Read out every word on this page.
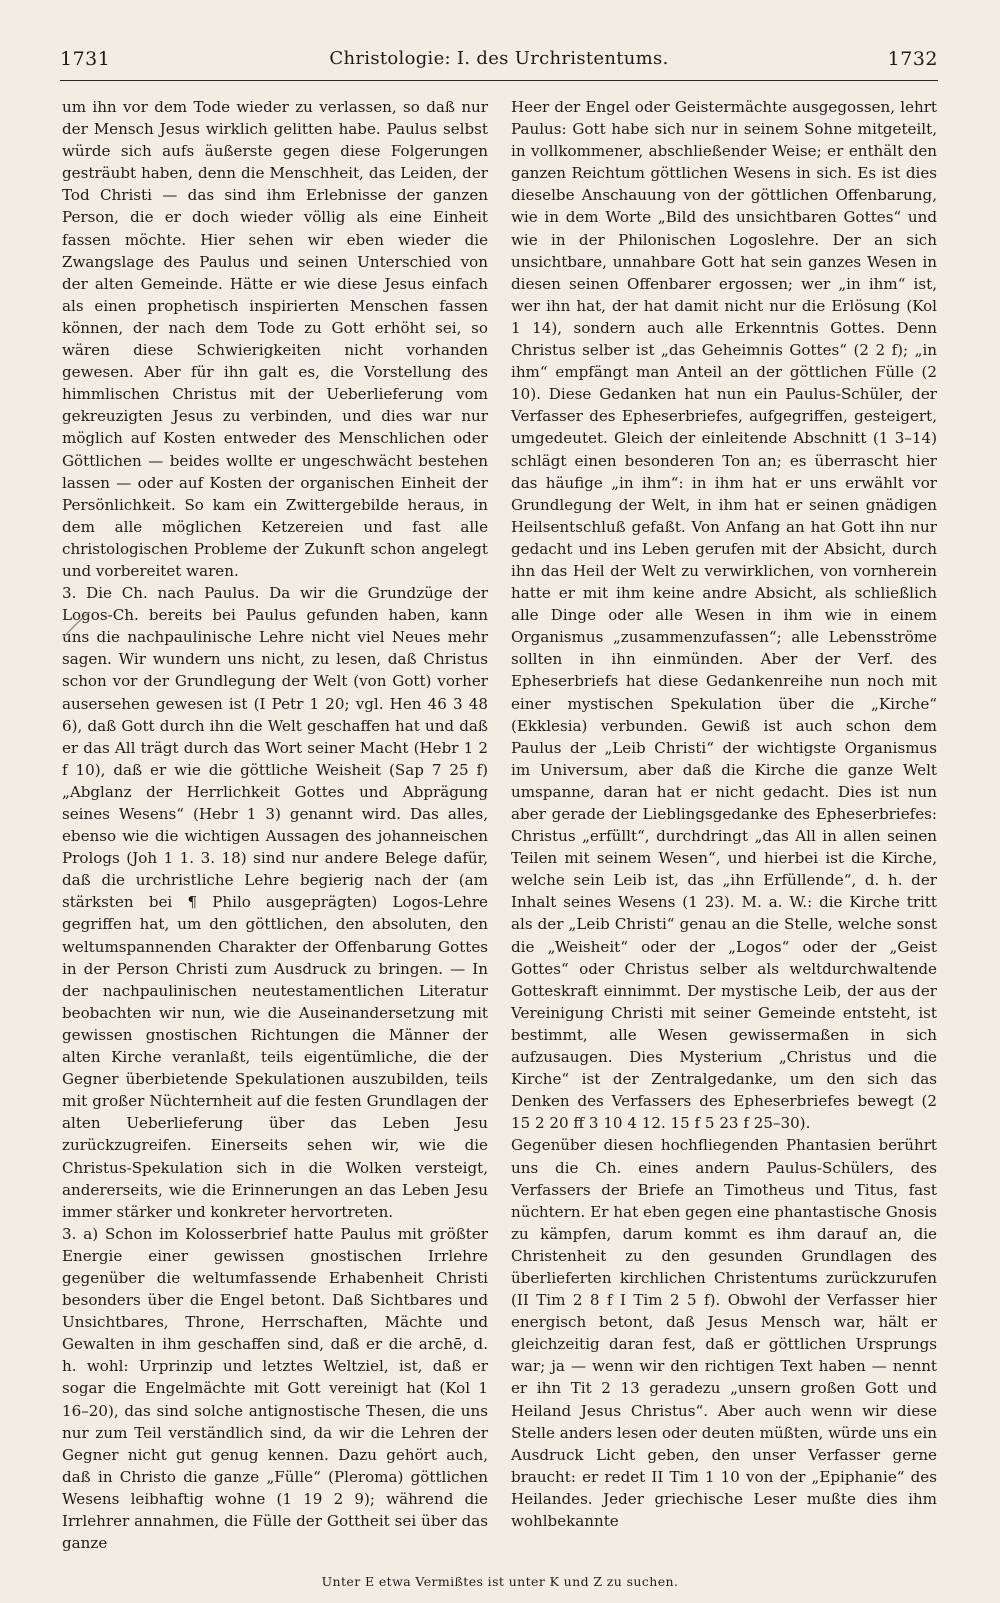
1731	Christologie: I. des Urchristentums.	1732

um ihn vor dem Tode wieder zu verlassen, so daß nur der Mensch Jesus wirklich gelitten habe. Paulus selbst würde sich aufs äußerste gegen diese Folgerungen gesträubt haben, denn die Menschheit, das Leiden, der Tod Christi — das sind ihm Erlebnisse der ganzen Person, die er doch wieder völlig als eine Einheit fassen möchte. Hier sehen wir eben wieder die Zwangslage des Paulus und seinen Unterschied von der alten Gemeinde. Hätte er wie diese Jesus einfach als einen prophetisch inspirierten Menschen fassen können, der nach dem Tode zu Gott erhöht sei, so wären diese Schwierigkeiten nicht vorhanden gewesen. Aber für ihn galt es, die Vorstellung des himmlischen Christus mit der Ueberlieferung vom gekreuzigten Jesus zu verbinden, und dies war nur möglich auf Kosten entweder des Menschlichen oder Göttlichen — beides wollte er ungeschwächt bestehen lassen — oder auf Kosten der organischen Einheit der Persönlichkeit. So kam ein Zwittergebilde heraus, in dem alle möglichen Ketzereien und fast alle christologischen Probleme der Zukunft schon angelegt und vorbereitet waren.

3. Die Ch. nach Paulus. Da wir die Grundzüge der Logos-Ch. bereits bei Paulus gefunden haben, kann uns die nachpaulinische Lehre nicht viel Neues mehr sagen. Wir wundern uns nicht, zu lesen, daß Christus schon vor der Grundlegung der Welt (von Gott) vorher ausersehen gewesen ist (I Petr 1 20; vgl. Hen 46 3 48 6), daß Gott durch ihn die Welt geschaffen hat und daß er das All trägt durch das Wort seiner Macht (Hebr 1 2 f 10), daß er wie die göttliche Weisheit (Sap 7 25 f) „Abglanz der Herrlichkeit Gottes und Abprägung seines Wesens“ (Hebr 1 3) genannt wird. Das alles, ebenso wie die wichtigen Aussagen des johanneischen Prologs (Joh 1 1. 3. 18) sind nur andere Belege dafür, daß die urchristliche Lehre begierig nach der (am stärksten bei ¶ Philo ausgeprägten) Logos-Lehre gegriffen hat, um den göttlichen, den absoluten, den weltumspannenden Charakter der Offenbarung Gottes in der Person Christi zum Ausdruck zu bringen. — In der nachpaulinischen neutestamentlichen Literatur beobachten wir nun, wie die Auseinandersetzung mit gewissen gnostischen Richtungen die Männer der alten Kirche veranlaßt, teils eigentümliche, die der Gegner überbietende Spekulationen auszubilden, teils mit großer Nüchternheit auf die festen Grundlagen der alten Ueberlieferung über das Leben Jesu zurückzugreifen. Einerseits sehen wir, wie die Christus-Spekulation sich in die Wolken versteigt, andererseits, wie die Erinnerungen an das Leben Jesu immer stärker und konkreter hervortreten.

3. a) Schon im Kolosserbrief hatte Paulus mit größter Energie einer gewissen gnostischen Irrlehre gegenüber die weltumfassende Erhabenheit Christi besonders über die Engel betont. Daß Sichtbares und Unsichtbares, Throne, Herrschaften, Mächte und Gewalten in ihm geschaffen sind, daß er die archē, d. h. wohl: Urprinzip und letztes Weltziel, ist, daß er sogar die Engelmächte mit Gott vereinigt hat (Kol 1 16–20), das sind solche antignostische Thesen, die uns nur zum Teil verständlich sind, da wir die Lehren der Gegner nicht gut genug kennen. Dazu gehört auch, daß in Christo die ganze „Fülle“ (Pleroma) göttlichen Wesens leibhaftig wohne (1 19 2 9); während die Irrlehrer annahmen, die Fülle der Gottheit sei über das ganze

Heer der Engel oder Geistermächte ausgegossen, lehrt Paulus: Gott habe sich nur in seinem Sohne mitgeteilt, in vollkommener, abschließender Weise; er enthält den ganzen Reichtum göttlichen Wesens in sich. Es ist dies dieselbe Anschauung von der göttlichen Offenbarung, wie in dem Worte „Bild des unsichtbaren Gottes“ und wie in der Philonischen Logoslehre. Der an sich unsichtbare, unnahbare Gott hat sein ganzes Wesen in diesen seinen Offenbarer ergossen; wer „in ihm“ ist, wer ihn hat, der hat damit nicht nur die Erlösung (Kol 1 14), sondern auch alle Erkenntnis Gottes. Denn Christus selber ist „das Geheimnis Gottes“ (2 2 f); „in ihm“ empfängt man Anteil an der göttlichen Fülle (2 10). Diese Gedanken hat nun ein Paulus-Schüler, der Verfasser des Epheserbriefes, aufgegriffen, gesteigert, umgedeutet. Gleich der einleitende Abschnitt (1 3–14) schlägt einen besonderen Ton an; es überrascht hier das häufige „in ihm“: in ihm hat er uns erwählt vor Grundlegung der Welt, in ihm hat er seinen gnädigen Heilsentschluß gefaßt. Von Anfang an hat Gott ihn nur gedacht und ins Leben gerufen mit der Absicht, durch ihn das Heil der Welt zu verwirklichen, von vornherein hatte er mit ihm keine andre Absicht, als schließlich alle Dinge oder alle Wesen in ihm wie in einem Organismus „zusammenzufassen“; alle Lebensströme sollten in ihn einmünden. Aber der Verf. des Epheserbriefs hat diese Gedankenreihe nun noch mit einer mystischen Spekulation über die „Kirche“ (Ekklesia) verbunden. Gewiß ist auch schon dem Paulus der „Leib Christi“ der wichtigste Organismus im Universum, aber daß die Kirche die ganze Welt umspanne, daran hat er nicht gedacht. Dies ist nun aber gerade der Lieblingsgedanke des Epheserbriefes: Christus „erfüllt“, durchdringt „das All in allen seinen Teilen mit seinem Wesen“, und hierbei ist die Kirche, welche sein Leib ist, das „ihn Erfüllende“, d. h. der Inhalt seines Wesens (1 23). M. a. W.: die Kirche tritt als der „Leib Christi“ genau an die Stelle, welche sonst die „Weisheit“ oder der „Logos“ oder der „Geist Gottes“ oder Christus selber als weltdurchwaltende Gotteskraft einnimmt. Der mystische Leib, der aus der Vereinigung Christi mit seiner Gemeinde entsteht, ist bestimmt, alle Wesen gewissermaßen in sich aufzusaugen. Dies Mysterium „Christus und die Kirche“ ist der Zentralgedanke, um den sich das Denken des Verfassers des Epheserbriefes bewegt (2 15 2 20 ff 3 10 4 12. 15 f 5 23 f 25–30).

Gegenüber diesen hochfliegenden Phantasien berührt uns die Ch. eines andern Paulus-Schülers, des Verfassers der Briefe an Timotheus und Titus, fast nüchtern. Er hat eben gegen eine phantastische Gnosis zu kämpfen, darum kommt es ihm darauf an, die Christenheit zu den gesunden Grundlagen des überlieferten kirchlichen Christentums zurückzurufen (II Tim 2 8 f I Tim 2 5 f). Obwohl der Verfasser hier energisch betont, daß Jesus Mensch war, hält er gleichzeitig daran fest, daß er göttlichen Ursprungs war; ja — wenn wir den richtigen Text haben — nennt er ihn Tit 2 13 geradezu „unsern großen Gott und Heiland Jesus Christus“. Aber auch wenn wir diese Stelle anders lesen oder deuten müßten, würde uns ein Ausdruck Licht geben, den unser Verfasser gerne braucht: er redet II Tim 1 10 von der „Epiphanie“ des Heilandes. Jeder griechische Leser mußte dies ihm wohlbekannte

Unter E etwa Vermißtes ist unter K und Z zu suchen.
